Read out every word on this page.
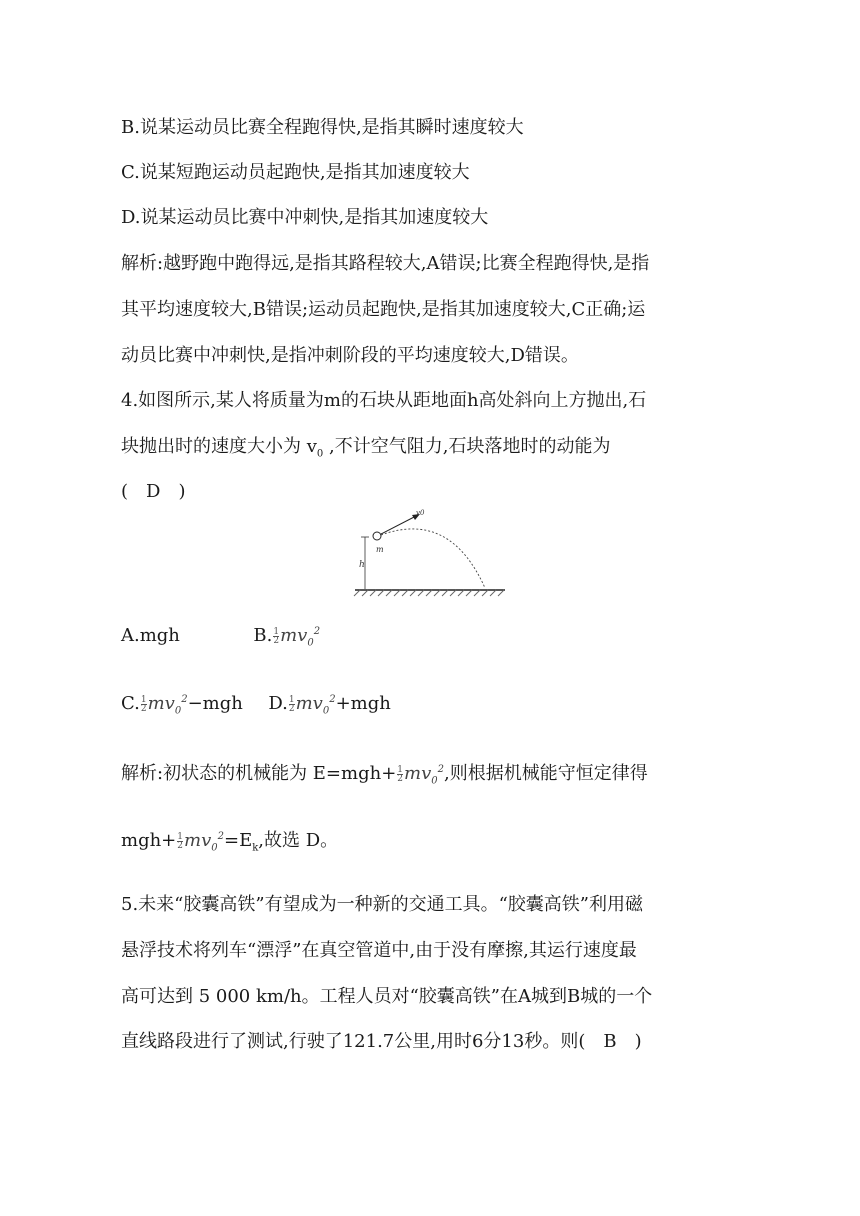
B.说某运动员比赛全程跑得快,是指其瞬时速度较大
C.说某短跑运动员起跑快,是指其加速度较大
D.说某运动员比赛中冲刺快,是指其加速度较大
解析:越野跑中跑得远,是指其路程较大,A错误;比赛全程跑得快,是指
其平均速度较大,B错误;运动员起跑快,是指其加速度较大,C正确;运
动员比赛中冲刺快,是指冲刺阶段的平均速度较大,D错误。
4.如图所示,某人将质量为m的石块从距地面h高处斜向上方抛出,石
块抛出时的速度大小为 $v_0$ ,不计空气阻力,石块落地时的动能为
(　D　)
h
m
v0
A.mgh	B. $\frac{1}{2} mv_0^2$
C. $\frac{1}{2} mv_0^2-mgh$ D. $\frac{1}{2} mv_0^2+mgh$
解析:初状态的机械能为 $E=mgh+ \frac{1}{2} mv_0^2$,则根据机械能守恒定律得
$mgh+ \frac{1}{2} mv_0^2=E_k$,故选 D。
5.未来“胶囊高铁”有望成为一种新的交通工具。“胶囊高铁”利用磁
悬浮技术将列车“漂浮”在真空管道中,由于没有摩擦,其运行速度最
高可达到 5 000 km/h。工程人员对“胶囊高铁”在A城到B城的一个
直线路段进行了测试,行驶了121.7公里,用时6分13秒。则(　B　)
